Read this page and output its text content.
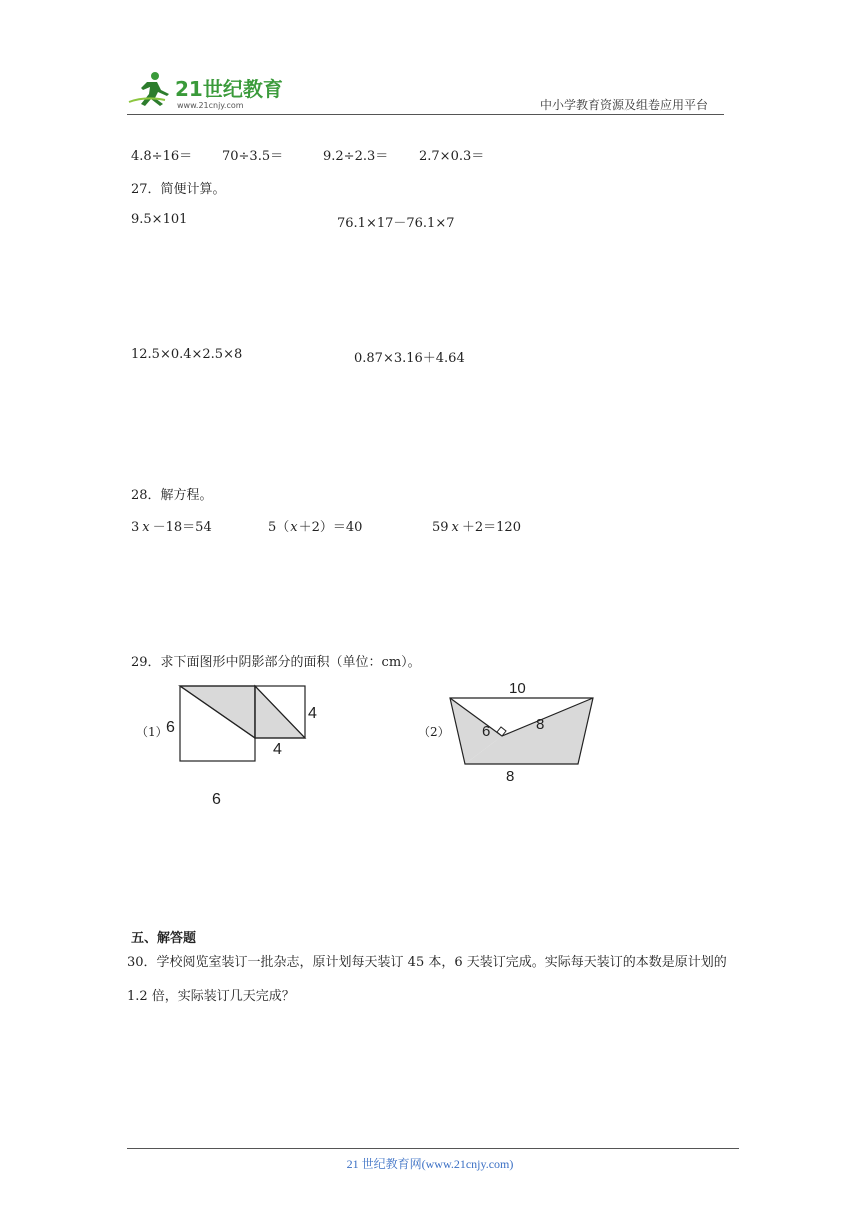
21世纪教育
www.21cnjy.com	中小学教育资源及组卷应用平台
4.8÷16＝ 70÷3.5＝	9.2÷2.3＝ 2.7×0.3＝
27．简便计算。
9.5×101	76.1×17－76.1×7
12.5×0.4×2.5×8	0.87×3.16＋4.64
28．解方程。
3 x －18＝54	5（x＋2）＝40	59 x ＋2＝120
29．求下面图形中阴影部分的面积（单位：cm）。
（1）
6
6
4
4
（2）
10
6	8
8
五、解答题
30．学校阅览室装订一批杂志，原计划每天装订 45 本，6 天装订完成。实际每天装订的本数是原计划的 1.2 倍，实际装订几天完成？
21 世纪教育网(www.21cnjy.com)
